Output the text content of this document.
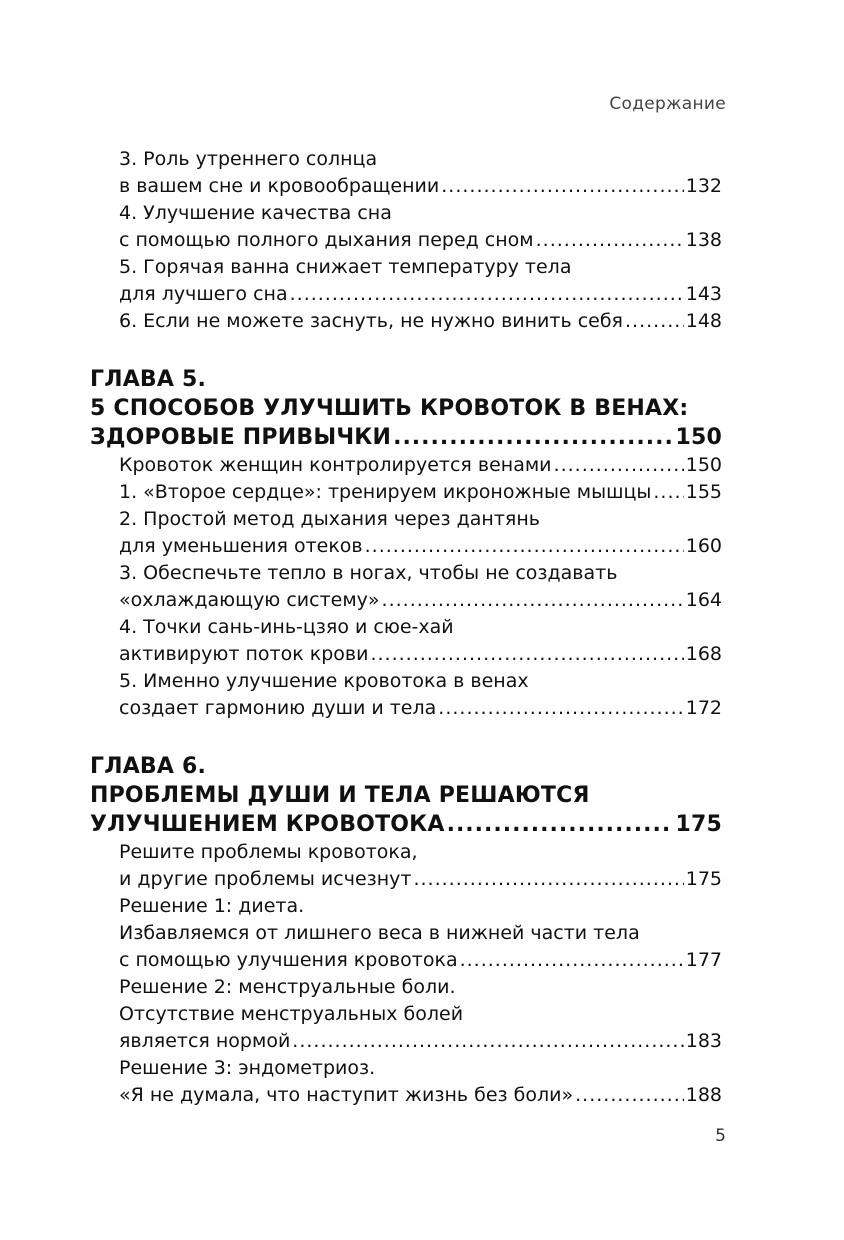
Содержание
3. Роль утреннего солнца
в вашем сне и кровообращении .....	132
4. Улучшение качества сна
с помощью полного дыхания перед сном .....	138
5. Горячая ванна снижает температуру тела
для лучшего сна .....	143
6. Если не можете заснуть, не нужно винить себя .....	148
ГЛАВА 5.
5 СПОСОБОВ УЛУЧШИТЬ КРОВОТОК В ВЕНАХ:
ЗДОРОВЫЕ ПРИВЫЧКИ .....	150
Кровоток женщин контролируется венами .....	150
1. «Второе сердце»: тренируем икроножные мышцы ..... 155
2. Простой метод дыхания через дантянь
для уменьшения отеков .....	160
3. Обеспечьте тепло в ногах, чтобы не создавать
«охлаждающую систему» .....	164
4. Точки сань-инь-цзяо и сюе-хай
активируют поток крови .....	168
5. Именно улучшение кровотока в венах
создает гармонию души и тела .....	172
ГЛАВА 6.
ПРОБЛЕМЫ ДУШИ И ТЕЛА РЕШАЮТСЯ
УЛУЧШЕНИЕМ КРОВОТОКА .....	175
Решите проблемы кровотока,
и другие проблемы исчезнут .....	175
Решение 1: диета.
Избавляемся от лишнего веса в нижней части тела
с помощью улучшения кровотока .....	177
Решение 2: менструальные боли.
Отсутствие менструальных болей
является нормой .....	183
Решение 3: эндометриоз.
«Я не думала, что наступит жизнь без боли» .....	188
5
